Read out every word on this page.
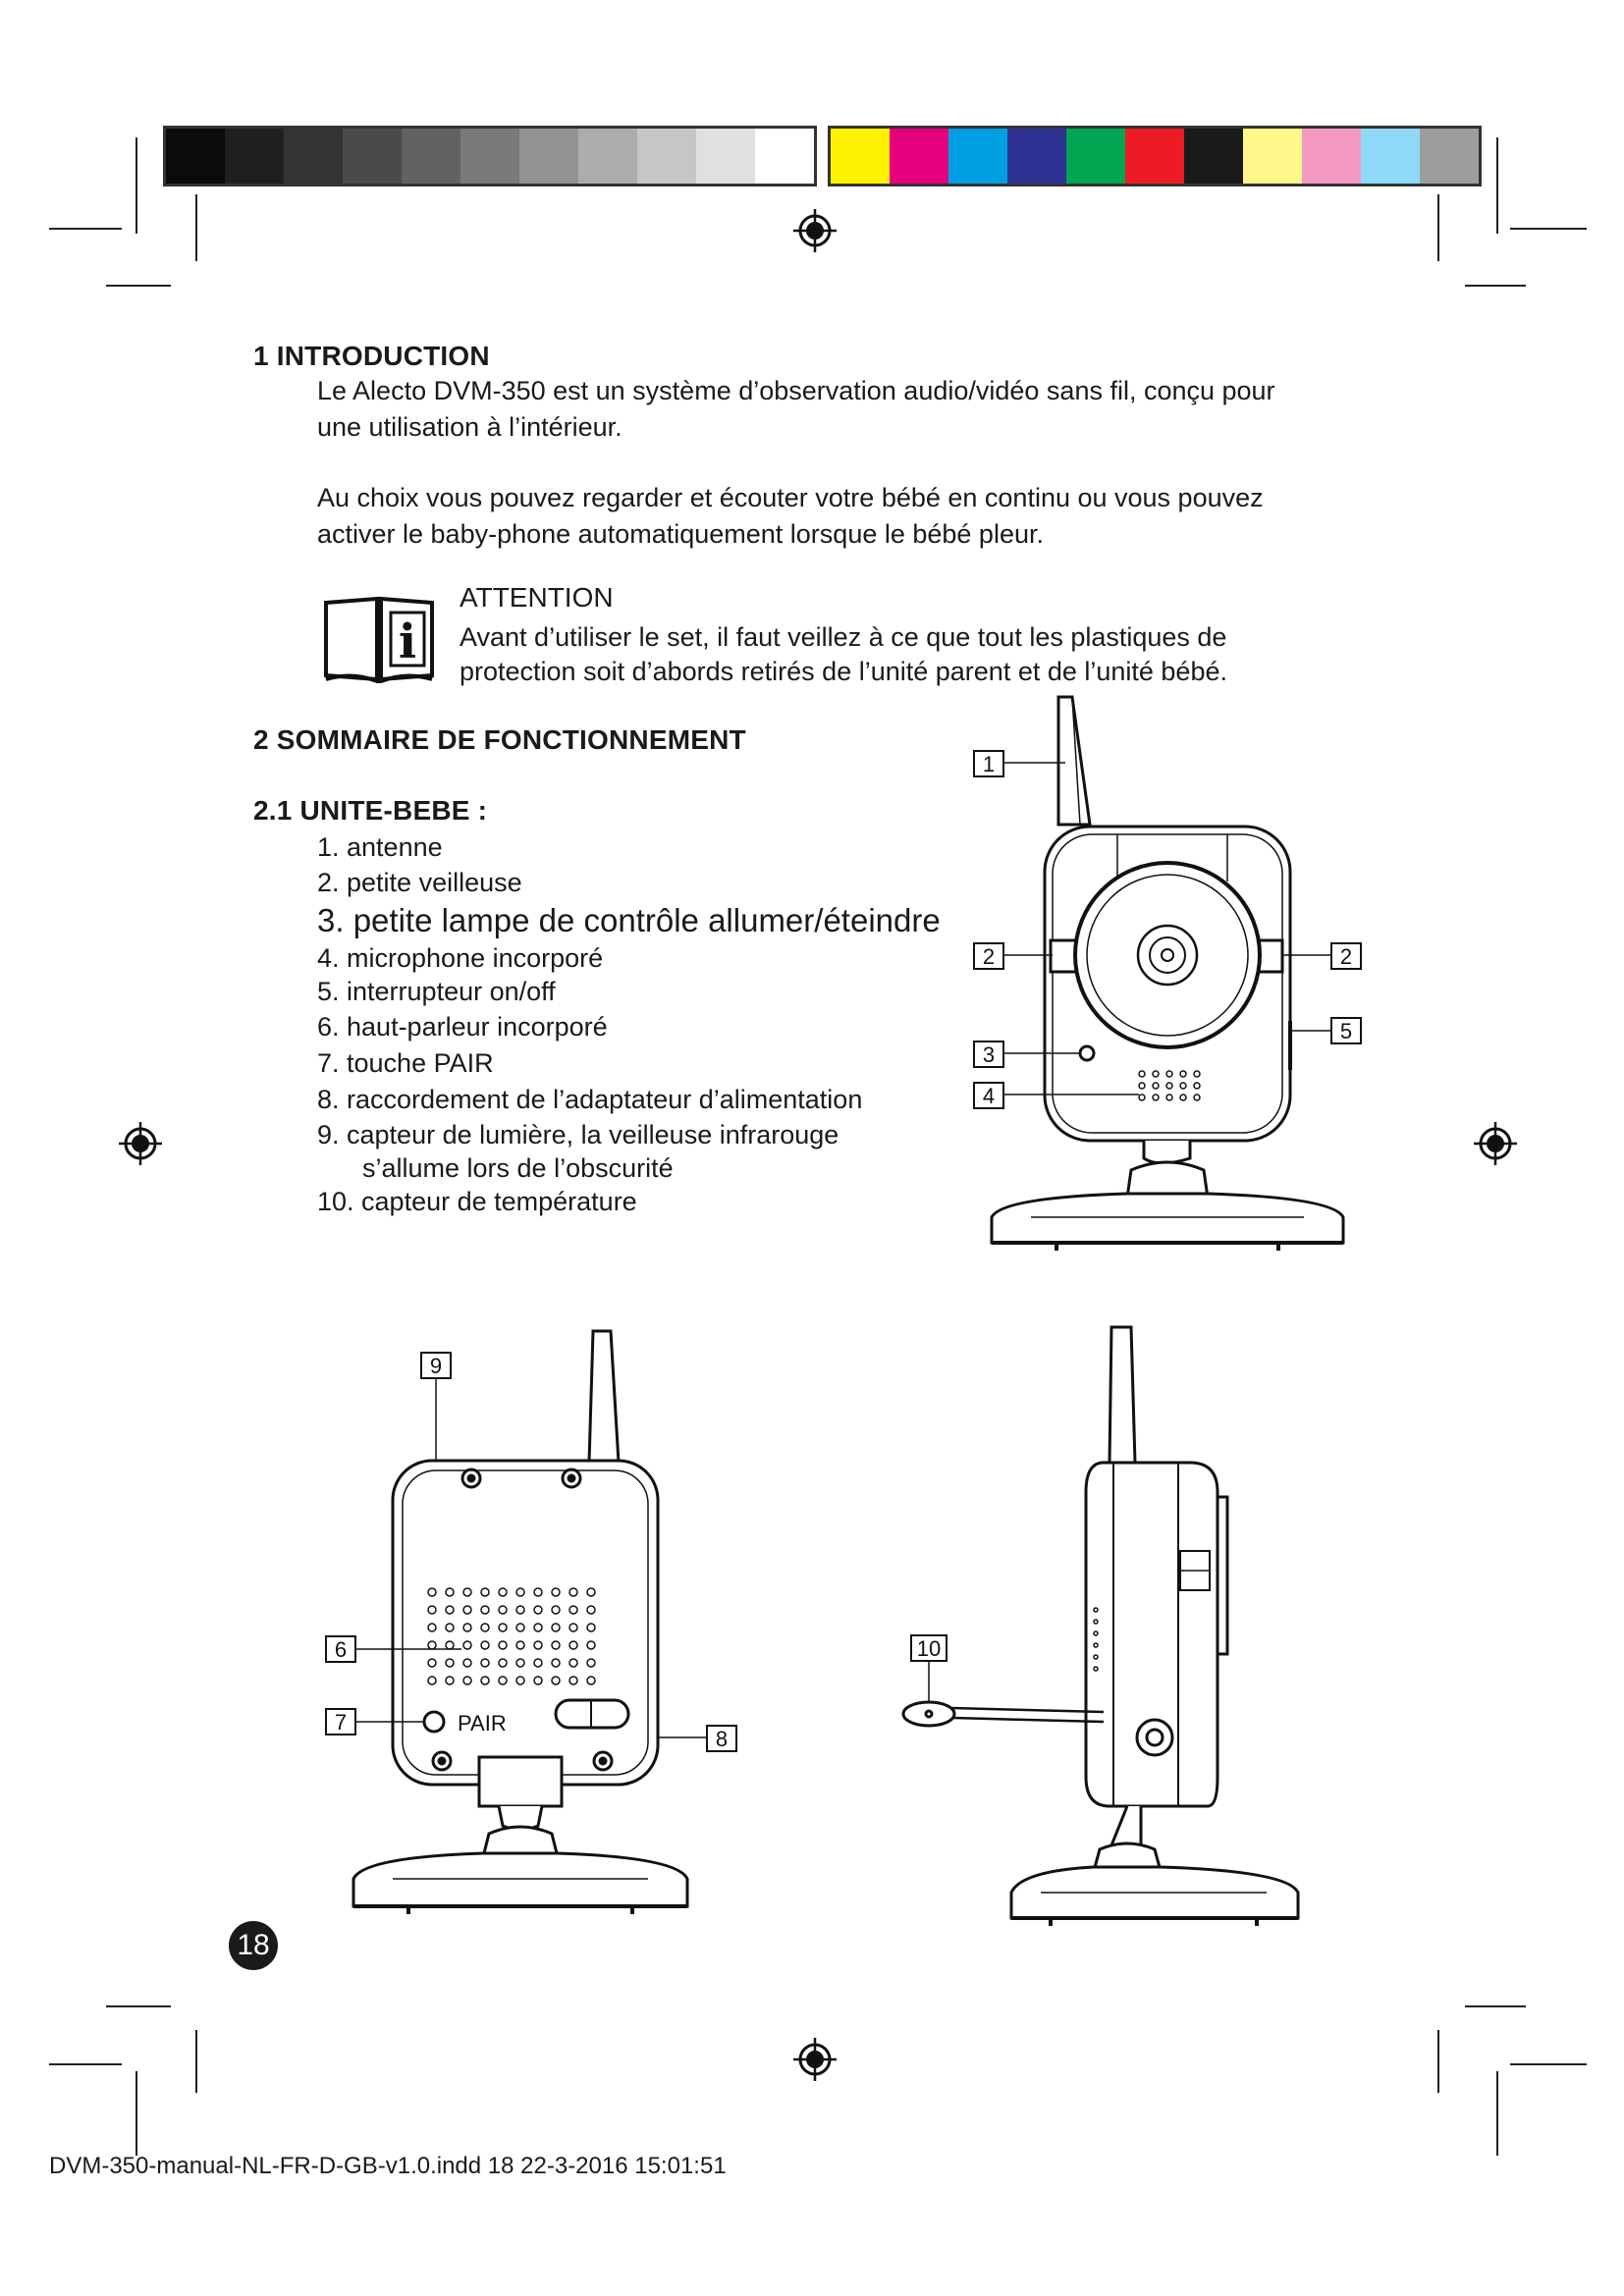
1 INTRODUCTION
Le Alecto DVM-350 est un système d’observation audio/vidéo sans fil, conçu pour
une utilisation à l’intérieur.
Au choix vous pouvez regarder et écouter votre bébé en continu ou vous pouvez
activer le baby-phone automatiquement lorsque le bébé pleur.
i

ATTENTION

Avant d’utiliser le set, il faut veillez à ce que tout les plastiques de
protection soit d’abords retirés de l’unité parent et de l’unité bébé.
2 SOMMAIRE DE FONCTIONNEMENT
2.1 UNITE-BEBE :
1. antenne
2. petite veilleuse
3. petite lampe de contrôle allumer/éteindre
4. microphone incorporé
5. interrupteur on/off
6. haut-parleur incorporé
7. touche PAIR
8. raccordement de l’adaptateur d’alimentation
9. capteur de lumière, la veilleuse infrarouge
s’allume lors de l’obscurité
10. capteur de température
1
2	2
3
4
5
PAIR
9
6
7
8
10
18
DVM-350-manual-NL-FR-D-GB-v1.0.indd 18 22-3-2016 15:01:51
